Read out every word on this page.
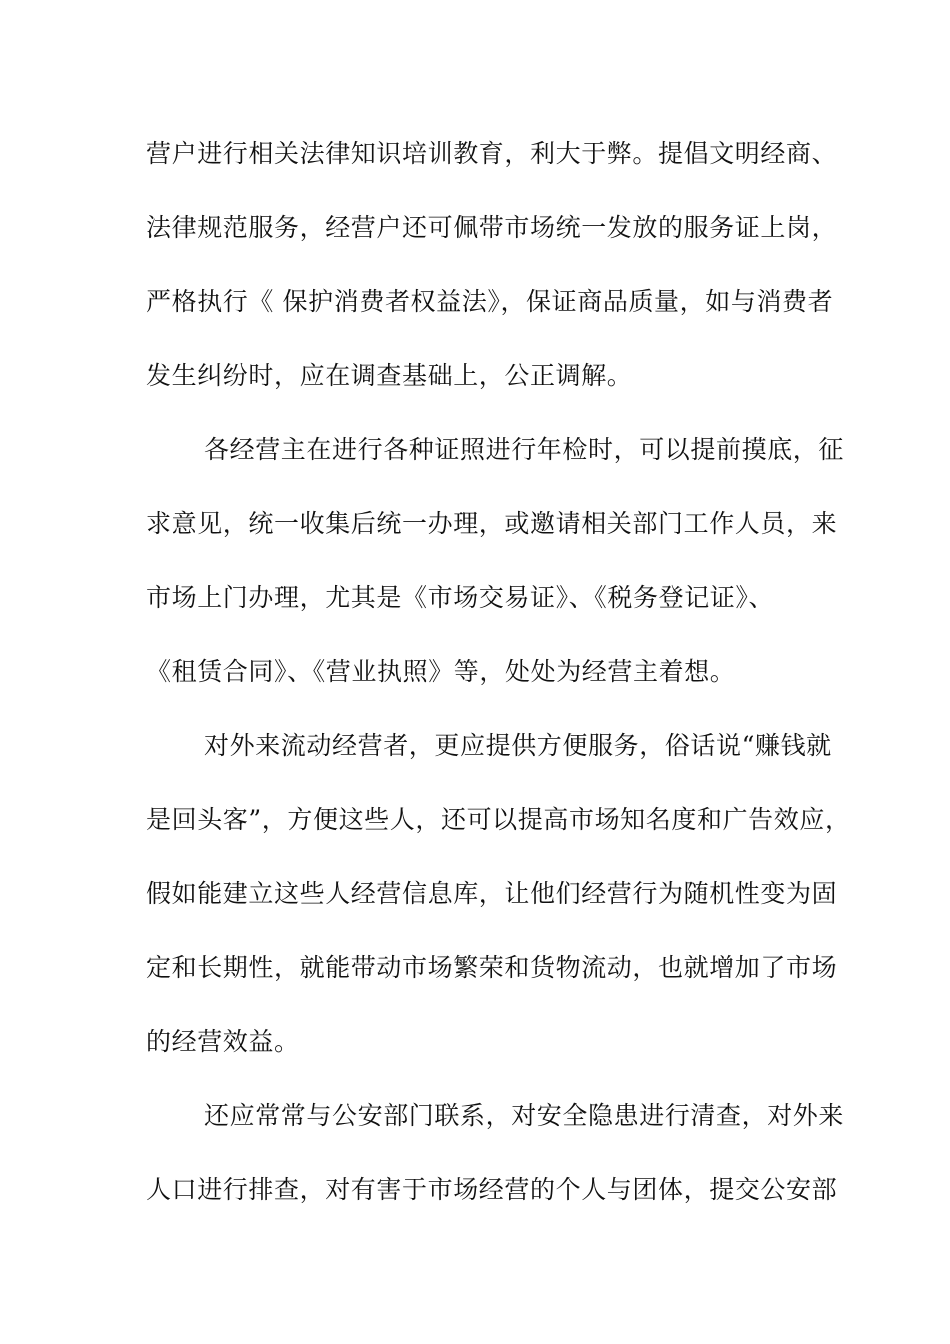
营户进行相关法律知识培训教育，利大于弊。提倡文明经商、
法律规范服务，经营户还可佩带市场统一发放的服务证上岗，
严格执行《 保护消费者权益法》，保证商品质量，如与消费者
发生纠纷时，应在调查基础上，公正调解。
各经营主在进行各种证照进行年检时，可以提前摸底，征
求意见，统一收集后统一办理，或邀请相关部门工作人员，来
市场上门办理，尤其是《市场交易证》、《税务登记证》、
《租赁合同》、《营业执照》等，处处为经营主着想。
对外来流动经营者，更应提供方便服务，俗话说“赚钱就
是回头客”，方便这些人，还可以提高市场知名度和广告效应，
假如能建立这些人经营信息库，让他们经营行为随机性变为固
定和长期性，就能带动市场繁荣和货物流动，也就增加了市场
的经营效益。
还应常常与公安部门联系，对安全隐患进行清查，对外来
人口进行排查，对有害于市场经营的个人与团体，提交公安部
